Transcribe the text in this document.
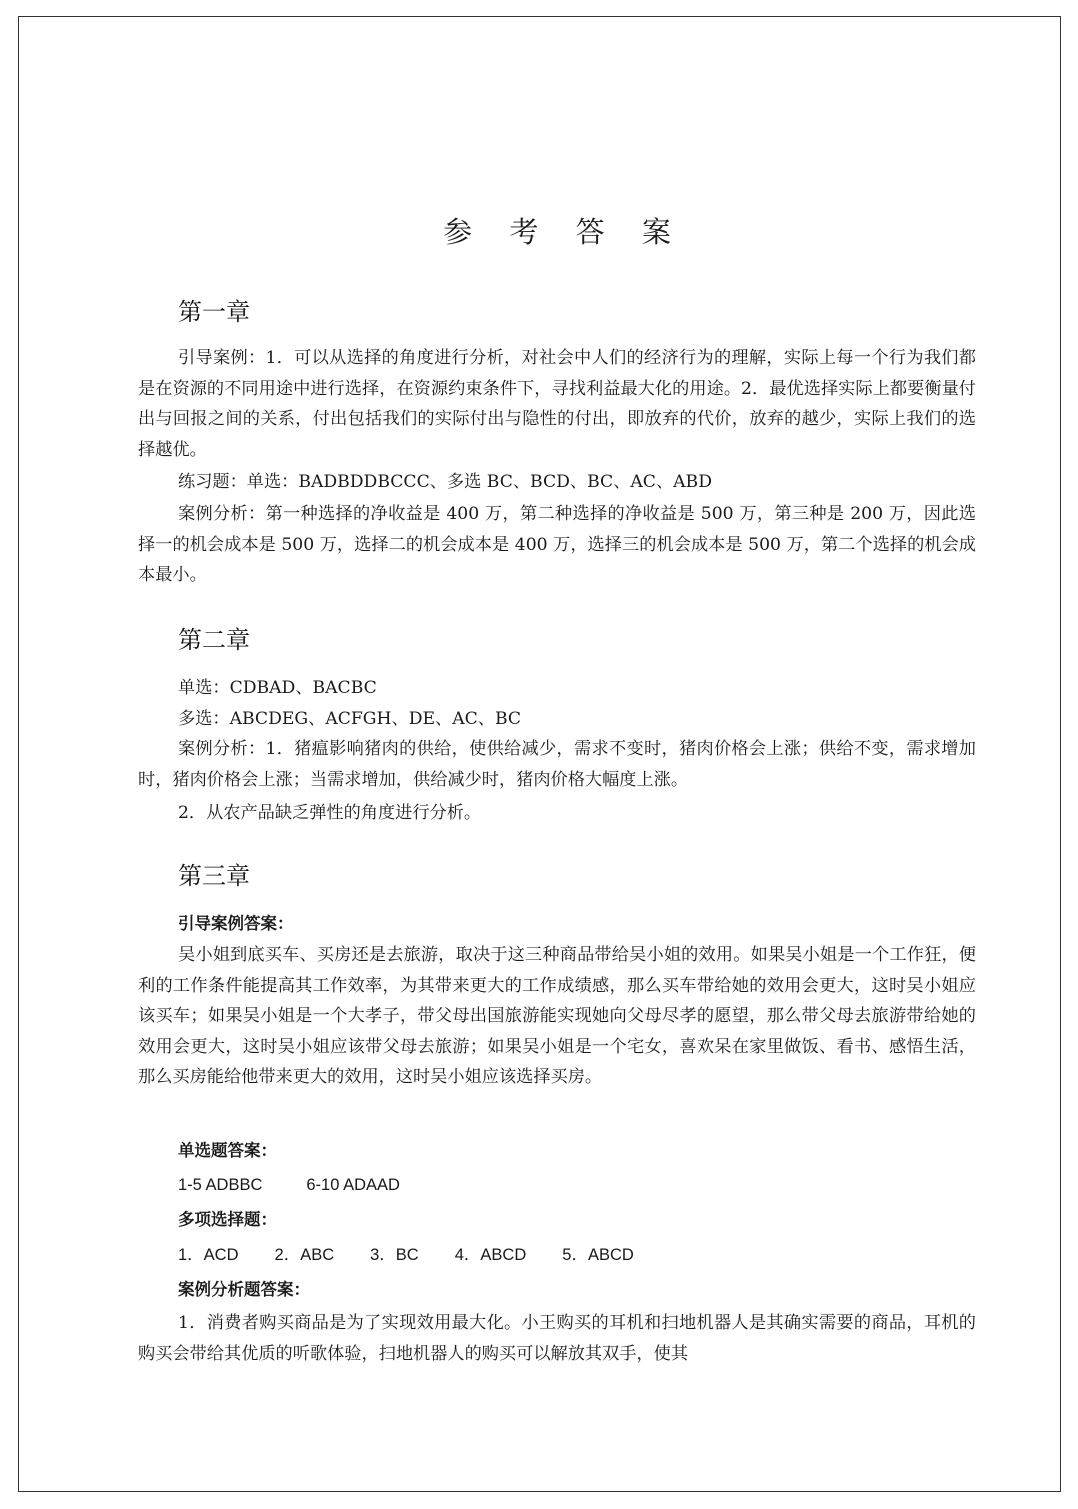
参 考 答 案
第一章

引导案例：1．可以从选择的角度进行分析，对社会中人们的经济行为的理解，实际上每一个行为我们都是在资源的不同用途中进行选择，在资源约束条件下，寻找利益最大化的用途。2．最优选择实际上都要衡量付出与回报之间的关系，付出包括我们的实际付出与隐性的付出，即放弃的代价，放弃的越少，实际上我们的选择越优。

练习题：单选：BADBDDBCCC、多选 BC、BCD、BC、AC、ABD

案例分析：第一种选择的净收益是 400 万，第二种选择的净收益是 500 万，第三种是 200 万，因此选择一的机会成本是 500 万，选择二的机会成本是 400 万，选择三的机会成本是 500 万，第二个选择的机会成本最小。

第二章

单选：CDBAD、BACBC

多选：ABCDEG、ACFGH、DE、AC、BC

案例分析：1．猪瘟影响猪肉的供给，使供给减少，需求不变时，猪肉价格会上涨；供给不变，需求增加时，猪肉价格会上涨；当需求增加，供给减少时，猪肉价格大幅度上涨。

2．从农产品缺乏弹性的角度进行分析。

第三章

引导案例答案：

吴小姐到底买车、买房还是去旅游，取决于这三种商品带给吴小姐的效用。如果吴小姐是一个工作狂，便利的工作条件能提高其工作效率，为其带来更大的工作成绩感，那么买车带给她的效用会更大，这时吴小姐应该买车；如果吴小姐是一个大孝子，带父母出国旅游能实现她向父母尽孝的愿望，那么带父母去旅游带给她的效用会更大，这时吴小姐应该带父母去旅游；如果吴小姐是一个宅女，喜欢呆在家里做饭、看书、感悟生活，那么买房能给他带来更大的效用，这时吴小姐应该选择买房。

单选题答案：

1-5 ADBBC	6-10 ADAAD

多项选择题：

1．ACD 2．ABC 3．BC 4．ABCD 5．ABCD

案例分析题答案：

1．消费者购买商品是为了实现效用最大化。小王购买的耳机和扫地机器人是其确实需要的商品，耳机的购买会带给其优质的听歌体验，扫地机器人的购买可以解放其双手，使其
